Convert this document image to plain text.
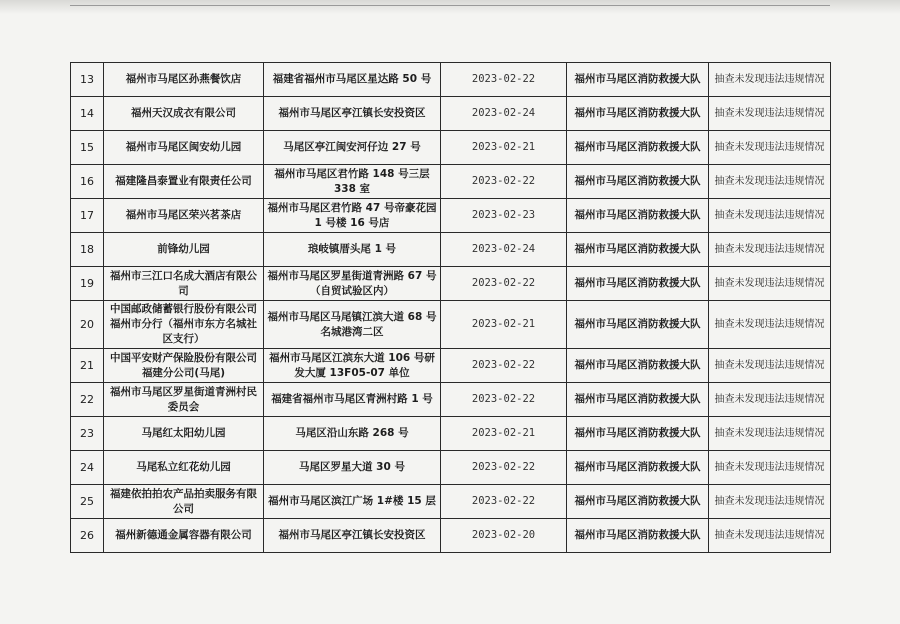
13	福州市马尾区孙燕餐饮店	福建省福州市马尾区星达路 50 号	2023-02-22	福州市马尾区消防救援大队	抽查未发现违法违规情况
14	福州天汉成衣有限公司	福州市马尾区亭江镇长安投资区	2023-02-24	福州市马尾区消防救援大队	抽查未发现违法违规情况
15	福州市马尾区闽安幼儿园	马尾区亭江闽安河仔边 27 号	2023-02-21	福州市马尾区消防救援大队	抽查未发现违法违规情况
16	福建隆昌泰置业有限责任公司	福州市马尾区君竹路 148 号三层 338 室	2023-02-22	福州市马尾区消防救援大队	抽查未发现违法违规情况
17	福州市马尾区荣兴茗茶店	福州市马尾区君竹路 47 号帝豪花园 1 号楼 16 号店	2023-02-23	福州市马尾区消防救援大队	抽查未发现违法违规情况
18	前锋幼儿园	琅岐镇厝头尾 1 号	2023-02-24	福州市马尾区消防救援大队	抽查未发现违法违规情况
19	福州市三江口名成大酒店有限公司	福州市马尾区罗星街道青洲路 67 号（自贸试验区内）	2023-02-22	福州市马尾区消防救援大队	抽查未发现违法违规情况
20	中国邮政储蓄银行股份有限公司福州市分行（福州市东方名城社区支行）	福州市马尾区马尾镇江滨大道 68 号名城港湾二区	2023-02-21	福州市马尾区消防救援大队	抽查未发现违法违规情况
21	中国平安财产保险股份有限公司福建分公司(马尾)	福州市马尾区江滨东大道 106 号研发大厦 13F05-07 单位	2023-02-22	福州市马尾区消防救援大队	抽查未发现违法违规情况
22	福州市马尾区罗星街道青洲村民委员会	福建省福州市马尾区青洲村路 1 号	2023-02-22	福州市马尾区消防救援大队	抽查未发现违法违规情况
23	马尾红太阳幼儿园	马尾区沿山东路 268 号	2023-02-21	福州市马尾区消防救援大队	抽查未发现违法违规情况
24	马尾私立红花幼儿园	马尾区罗星大道 30 号	2023-02-22	福州市马尾区消防救援大队	抽查未发现违法违规情况
25	福建依拍拍农产品拍卖服务有限公司	福州市马尾区滨江广场 1#楼 15 层	2023-02-22	福州市马尾区消防救援大队	抽查未发现违法违规情况
26	福州新德通金属容器有限公司	福州市马尾区亭江镇长安投资区	2023-02-20	福州市马尾区消防救援大队	抽查未发现违法违规情况
